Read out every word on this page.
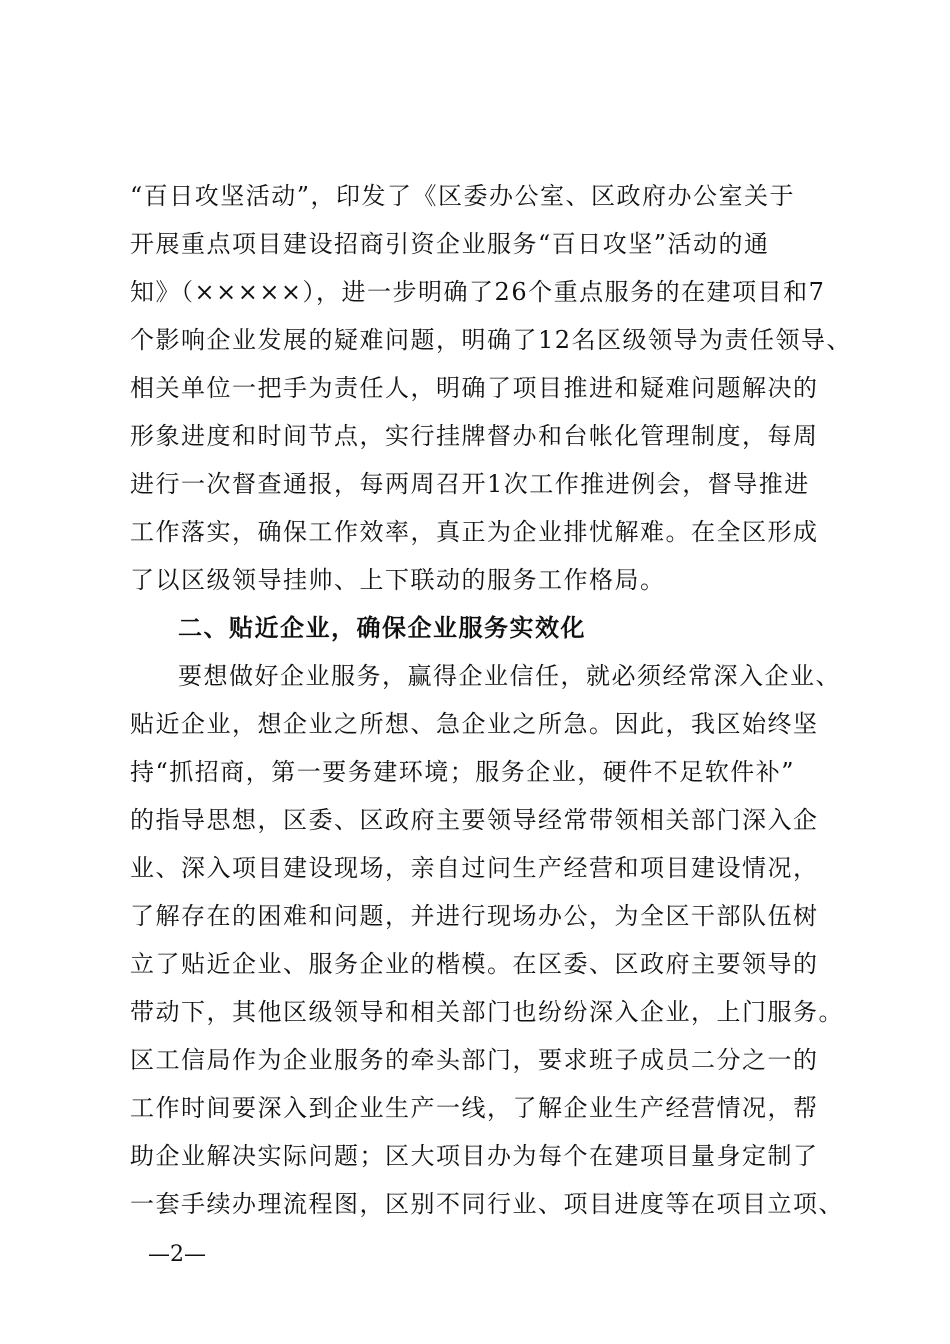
“百日攻坚活动”，印发了《区委办公室、区政府办公室关于
开展重点项目建设招商引资企业服务“百日攻坚”活动的通
知》（×××××），进一步明确了26个重点服务的在建项目和7
个影响企业发展的疑难问题，明确了12名区级领导为责任领导、
相关单位一把手为责任人，明确了项目推进和疑难问题解决的
形象进度和时间节点，实行挂牌督办和台帐化管理制度，每周
进行一次督查通报，每两周召开1次工作推进例会，督导推进
工作落实，确保工作效率，真正为企业排忧解难。在全区形成
了以区级领导挂帅、上下联动的服务工作格局。
二、贴近企业，确保企业服务实效化
要想做好企业服务，赢得企业信任，就必须经常深入企业、
贴近企业，想企业之所想、急企业之所急。因此，我区始终坚
持“抓招商，第一要务建环境；服务企业，硬件不足软件补”
的指导思想，区委、区政府主要领导经常带领相关部门深入企
业、深入项目建设现场，亲自过问生产经营和项目建设情况，
了解存在的困难和问题，并进行现场办公，为全区干部队伍树
立了贴近企业、服务企业的楷模。在区委、区政府主要领导的
带动下，其他区级领导和相关部门也纷纷深入企业，上门服务。
区工信局作为企业服务的牵头部门，要求班子成员二分之一的
工作时间要深入到企业生产一线，了解企业生产经营情况，帮
助企业解决实际问题；区大项目办为每个在建项目量身定制了
一套手续办理流程图，区别不同行业、项目进度等在项目立项、
—2—
